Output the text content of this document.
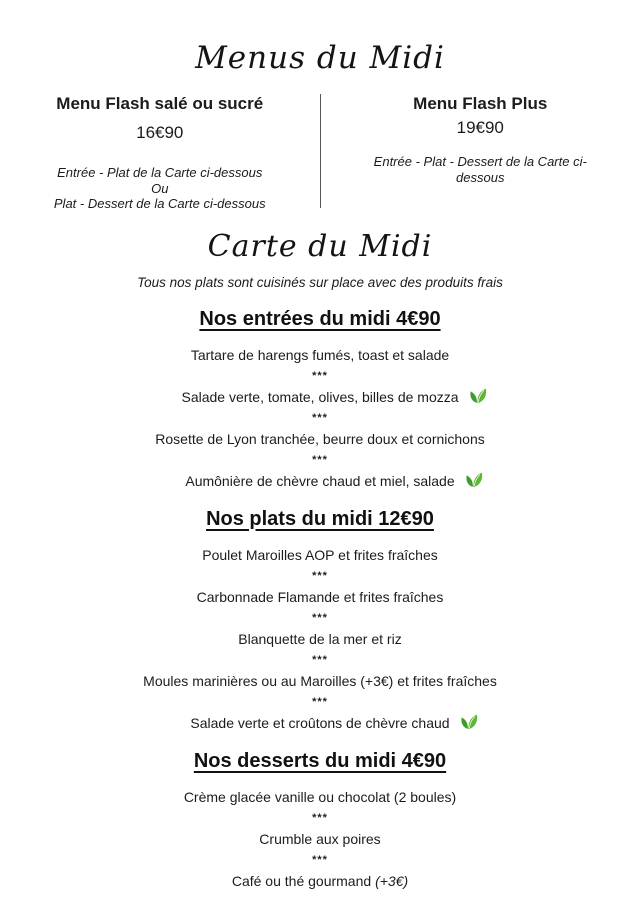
Menus du Midi
Menu Flash salé ou sucré
16€90
Entrée - Plat de la Carte ci-dessous
Ou
Plat - Dessert de la Carte ci-dessous
Menu Flash Plus
19€90
Entrée - Plat - Dessert de la Carte ci-
dessous
Carte du Midi
Tous nos plats sont cuisinés sur place avec des produits frais
Nos entrées du midi 4€90
Tartare de harengs fumés, toast et salade
***
Salade verte, tomate, olives, billes de mozza
***
Rosette de Lyon tranchée, beurre doux et cornichons
***
Aumônière de chèvre chaud et miel, salade
Nos plats du midi 12€90
Poulet Maroilles AOP et frites fraîches
***
Carbonnade Flamande et frites fraîches
***
Blanquette de la mer et riz
***
Moules marinières ou au Maroilles (+3€) et frites fraîches
***
Salade verte et croûtons de chèvre chaud
Nos desserts du midi 4€90
Crème glacée vanille ou chocolat (2 boules)
***
Crumble aux poires
***
Café ou thé gourmand (+3€)
